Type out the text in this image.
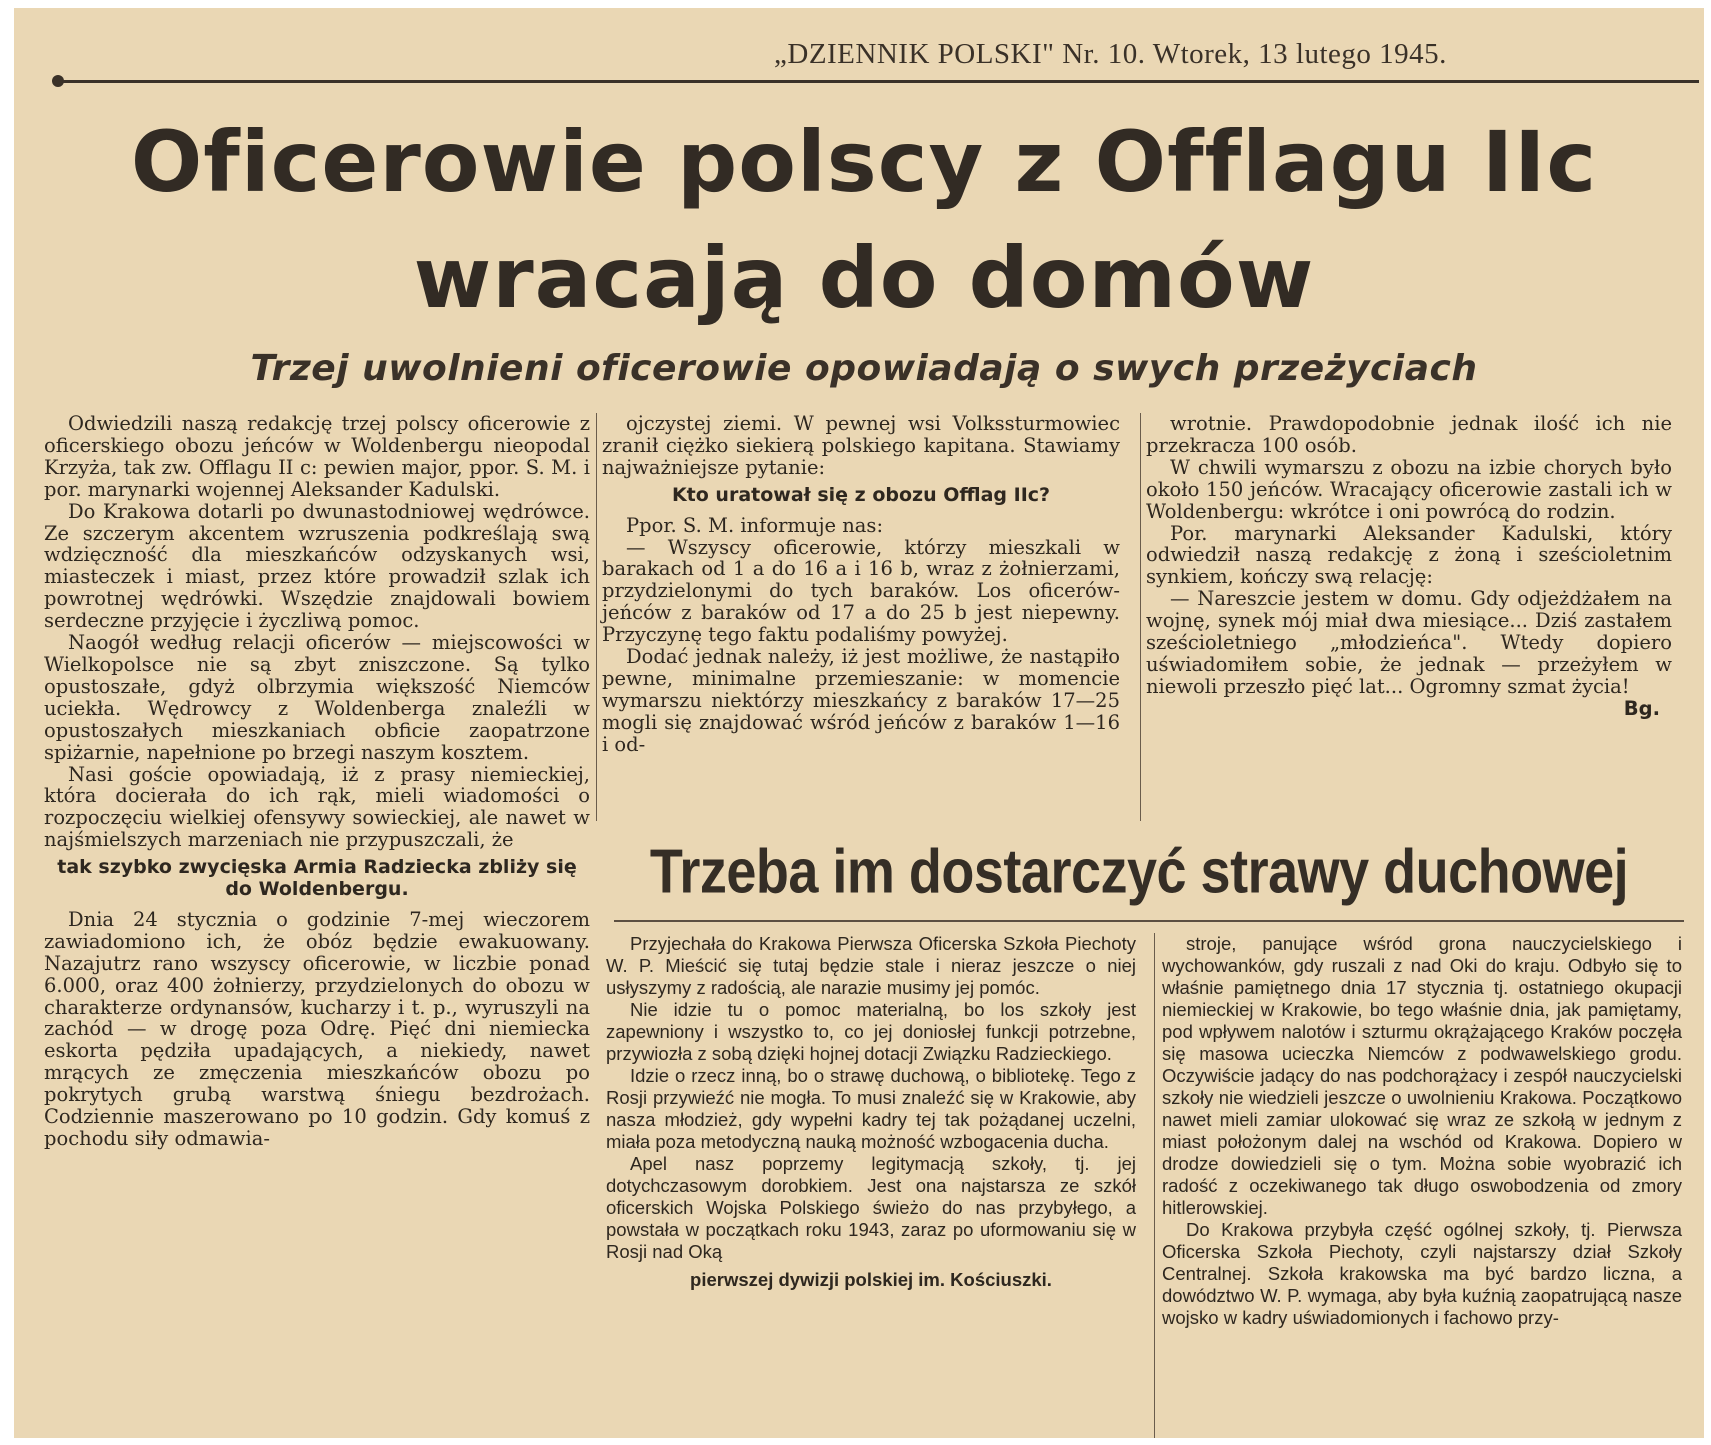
„DZIENNIK POLSKI" Nr. 10. Wtorek, 13 lutego 1945.
Oficerowie polscy z Offlagu IIc
wracają do domów
Trzej uwolnieni oficerowie opowiadają o swych przeżyciach

Odwiedzili naszą redakcję trzej polscy oficerowie z oficerskiego obozu jeńców w Woldenbergu nieopodal Krzyża, tak zw. Offlagu II c: pewien major, ppor. S. M. i por. marynarki wojennej Aleksander Kadulski.

Do Krakowa dotarli po dwunastodniowej wędrówce. Ze szczerym akcentem wzruszenia podkreślają swą wdzięczność dla mieszkańców odzyskanych wsi, miasteczek i miast, przez które prowadził szlak ich powrotnej wędrówki. Wszędzie znajdowali bowiem serdeczne przyjęcie i życzliwą pomoc.

Naogół według relacji oficerów — miejscowości w Wielkopolsce nie są zbyt zniszczone. Są tylko opustoszałe, gdyż olbrzymia większość Niemców uciekła. Wędrowcy z Woldenberga znaleźli w opustoszałych mieszkaniach obficie zaopatrzone spiżarnie, napełnione po brzegi naszym kosztem.

Nasi goście opowiadają, iż z prasy niemieckiej, która docierała do ich rąk, mieli wiadomości o rozpoczęciu wielkiej ofensywy sowieckiej, ale nawet w najśmielszych marzeniach nie przypuszczali, że

tak szybko zwycięska Armia Radziecka zbliży się do Woldenbergu.

Dnia 24 stycznia o godzinie 7-mej wieczorem zawiadomiono ich, że obóz będzie ewakuowany. Nazajutrz rano wszyscy oficerowie, w liczbie ponad 6.000, oraz 400 żołnierzy, przydzielonych do obozu w charakterze ordynansów, kucharzy i t. p., wyruszyli na zachód — w drogę poza Odrę. Pięć dni niemiecka eskorta pędziła upadających, a niekiedy, nawet mrących ze zmęczenia mieszkańców obozu po pokrytych grubą warstwą śniegu bezdrożach. Codziennie maszerowano po 10 godzin. Gdy komuś z pochodu siły odmawia-

ojczystej ziemi. W pewnej wsi Volkssturmowiec zranił ciężko siekierą polskiego kapitana. Stawiamy najważniejsze pytanie:

Kto uratował się z obozu Offlag IIc?

Ppor. S. M. informuje nas:

— Wszyscy oficerowie, którzy mieszkali w barakach od 1 a do 16 a i 16 b, wraz z żołnierzami, przydzielonymi do tych baraków. Los oficerów-jeńców z baraków od 17 a do 25 b jest niepewny. Przyczynę tego faktu podaliśmy powyżej.

Dodać jednak należy, iż jest możliwe, że nastąpiło pewne, minimalne przemieszanie: w momencie wymarszu niektórzy mieszkańcy z baraków 17—25 mogli się znajdować wśród jeńców z baraków 1—16 i od-

wrotnie. Prawdopodobnie jednak ilość ich nie przekracza 100 osób.

W chwili wymarszu z obozu na izbie chorych było około 150 jeńców. Wracający oficerowie zastali ich w Woldenbergu: wkrótce i oni powrócą do rodzin.

Por. marynarki Aleksander Kadulski, który odwiedził naszą redakcję z żoną i sześcioletnim synkiem, kończy swą relację:

— Nareszcie jestem w domu. Gdy odjeżdżałem na wojnę, synek mój miał dwa miesiące... Dziś zastałem sześcioletniego „młodzieńca". Wtedy dopiero uświadomiłem sobie, że jednak — przeżyłem w niewoli przeszło pięć lat... Ogromny szmat życia!

Bg.
Trzeba im dostarczyć strawy duchowej

Przyjechała do Krakowa Pierwsza Oficerska Szkoła Piechoty W. P. Mieścić się tutaj będzie stale i nieraz jeszcze o niej usłyszymy z radością, ale narazie musimy jej pomóc.

Nie idzie tu o pomoc materialną, bo los szkoły jest zapewniony i wszystko to, co jej doniosłej funkcji potrzebne, przywiozła z sobą dzięki hojnej dotacji Związku Radzieckiego.

Idzie o rzecz inną, bo o strawę duchową, o bibliotekę. Tego z Rosji przywieźć nie mogła. To musi znaleźć się w Krakowie, aby nasza młodzież, gdy wypełni kadry tej tak pożądanej uczelni, miała poza metodyczną nauką możność wzbogacenia ducha.

Apel nasz poprzemy legitymacją szkoły, tj. jej dotychczasowym dorobkiem. Jest ona najstarsza ze szkół oficerskich Wojska Polskiego świeżo do nas przybyłego, a powstała w początkach roku 1943, zaraz po uformowaniu się w Rosji nad Oką

pierwszej dywizji polskiej im. Kościuszki.

stroje, panujące wśród grona nauczycielskiego i wychowanków, gdy ruszali z nad Oki do kraju. Odbyło się to właśnie pamiętnego dnia 17 stycznia tj. ostatniego okupacji niemieckiej w Krakowie, bo tego właśnie dnia, jak pamiętamy, pod wpływem nalotów i szturmu okrążającego Kraków poczęła się masowa ucieczka Niemców z podwawelskiego grodu. Oczywiście jadący do nas podchorążacy i zespół nauczycielski szkoły nie wiedzieli jeszcze o uwolnieniu Krakowa. Początkowo nawet mieli zamiar ulokować się wraz ze szkołą w jednym z miast położonym dalej na wschód od Krakowa. Dopiero w drodze dowiedzieli się o tym. Można sobie wyobrazić ich radość z oczekiwanego tak długo oswobodzenia od zmory hitlerowskiej.

Do Krakowa przybyła część ogólnej szkoły, tj. Pierwsza Oficerska Szkoła Piechoty, czyli najstarszy dział Szkoły Centralnej. Szkoła krakowska ma być bardzo liczna, a dowództwo W. P. wymaga, aby była kuźnią zaopatrującą nasze wojsko w kadry uświadomionych i fachowo przy-
